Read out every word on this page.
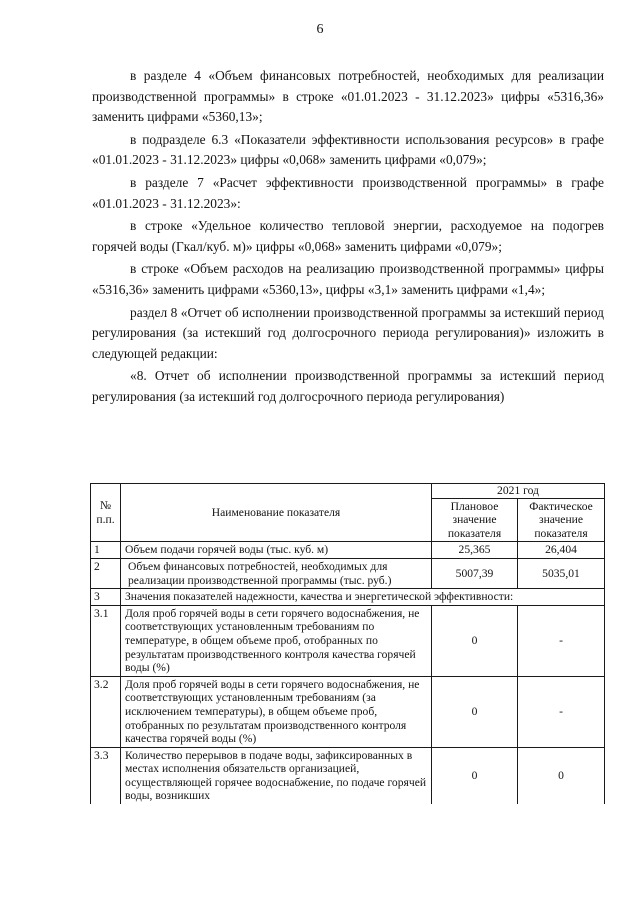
6

в разделе 4 «Объем финансовых потребностей, необходимых для реализации производственной программы» в строке «01.01.2023 - 31.12.2023» цифры «5316,36» заменить цифрами «5360,13»;

в подразделе 6.3 «Показатели эффективности использования ресурсов» в графе «01.01.2023 - 31.12.2023» цифры «0,068» заменить цифрами «0,079»;

в разделе 7 «Расчет эффективности производственной программы» в графе «01.01.2023 - 31.12.2023»:

в строке «Удельное количество тепловой энергии, расходуемое на подогрев горячей воды (Гкал/куб. м)» цифры «0,068» заменить цифрами «0,079»;

в строке «Объем расходов на реализацию производственной программы» цифры «5316,36» заменить цифрами «5360,13», цифры «3,1» заменить цифрами «1,4»;

раздел 8 «Отчет об исполнении производственной программы за истекший период регулирования (за истекший год долгосрочного периода регулирования)» изложить в следующей редакции:

«8. Отчет об исполнении производственной программы за истекший период регулирования (за истекший год долгосрочного периода регулирования)

№ п.п.	Наименование показателя	2021 год	
		Плановое значение показателя	Фактическое значение показателя
1	Объем подачи горячей воды (тыс. куб. м)	25,365	26,404
2	Объем финансовых потребностей, необходимых для реализации производственной программы (тыс. руб.)	5007,39	5035,01
3	Значения показателей надежности, качества и энергетической эффективности:		
3.1	Доля проб горячей воды в сети горячего водоснабжения, не соответствующих установленным требованиям по температуре, в общем объеме проб, отобранных по результатам производственного контроля качества горячей воды (%)	0	-
3.2	Доля проб горячей воды в сети горячего водоснабжения, не соответствующих установленным требованиям (за исключением температуры), в общем объеме проб, отобранных по результатам производственного контроля качества горячей воды (%)	0	-
3.3	Количество перерывов в подаче воды, зафиксированных в местах исполнения обязательств организацией, осуществляющей горячее водоснабжение, по подаче горячей воды, возникших	0	0
